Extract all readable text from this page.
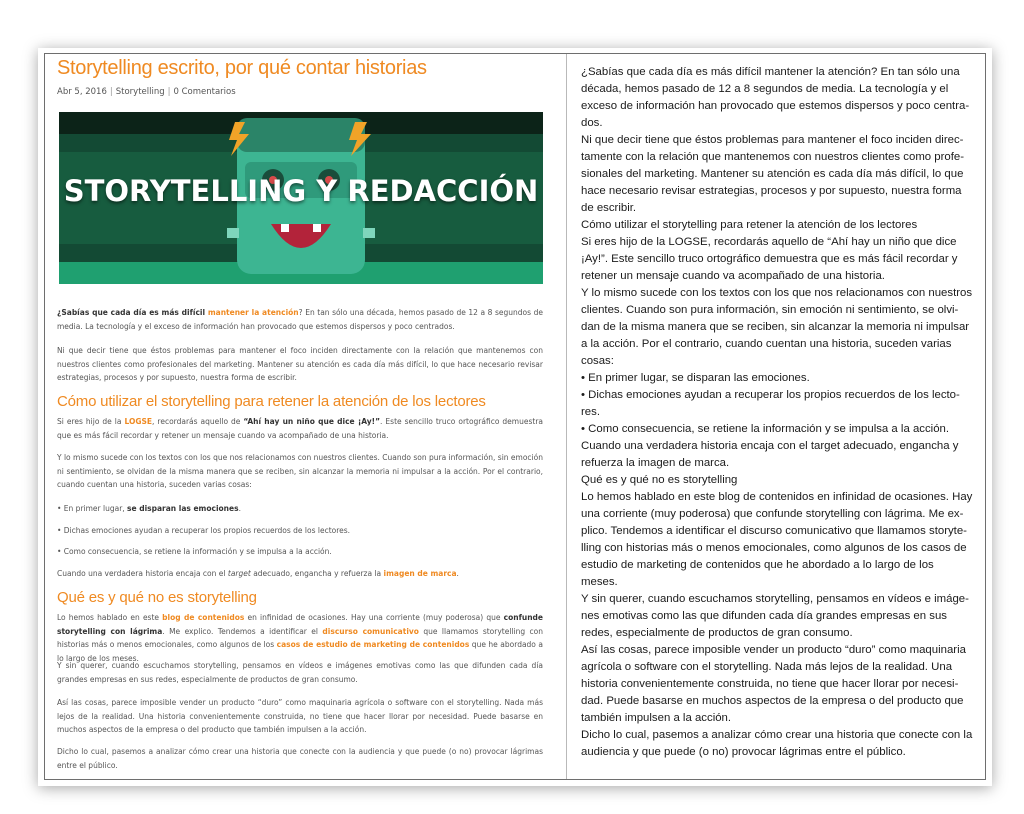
Storytelling escrito, por qué contar historias
Abr 5, 2016 | Storytelling | 0 Comentarios
STORYTELLING Y REDACCIÓN

¿Sabías que cada día es más difícil mantener la atención? En tan sólo una década, hemos pasado de 12 a 8 segundos de media. La tecnología y el exceso de información han provocado que estemos dispersos y poco centrados.

Ni que decir tiene que éstos problemas para mantener el foco inciden directamente con la relación que mantenemos con nuestros clientes como profesionales del marketing. Mantener su atención es cada día más difícil, lo que hace necesario revisar estrategias, procesos y por supuesto, nuestra forma de escribir.

Cómo utilizar el storytelling para retener la atención de los lectores

Si eres hijo de la LOGSE, recordarás aquello de “Ahí hay un niño que dice ¡Ay!”. Este sencillo truco ortográfico demuestra que es más fácil recordar y retener un mensaje cuando va acompañado de una historia.

Y lo mismo sucede con los textos con los que nos relacionamos con nuestros clientes. Cuando son pura información, sin emoción ni sentimiento, se olvidan de la misma manera que se reciben, sin alcanzar la memoria ni impulsar a la acción. Por el contrario, cuando cuentan una historia, suceden varias cosas:

• En primer lugar, se disparan las emociones.

• Dichas emociones ayudan a recuperar los propios recuerdos de los lectores.

• Como consecuencia, se retiene la información y se impulsa a la acción.

Cuando una verdadera historia encaja con el target adecuado, engancha y refuerza la imagen de marca.

Qué es y qué no es storytelling

Lo hemos hablado en este blog de contenidos en infinidad de ocasiones. Hay una corriente (muy poderosa) que confunde storytelling con lágrima. Me explico. Tendemos a identificar el discurso comunicativo que llamamos storytelling con historias más o menos emocionales, como algunos de los casos de estudio de marketing de contenidos que he abordado a lo largo de los meses.

Y sin querer, cuando escuchamos storytelling, pensamos en vídeos e imágenes emotivas como las que difunden cada día grandes empresas en sus redes, especialmente de productos de gran consumo.

Así las cosas, parece imposible vender un producto “duro” como maquinaria agrícola o software con el storytelling. Nada más lejos de la realidad. Una historia convenientemente construida, no tiene que hacer llorar por necesidad. Puede basarse en muchos aspectos de la empresa o del producto que también impulsen a la acción.

Dicho lo cual, pasemos a analizar cómo crear una historia que conecte con la audiencia y que puede (o no) provocar lágrimas entre el público.

¿Sabías que cada día es más difícil mantener la atención? En tan sólo una
década, hemos pasado de 12 a 8 segundos de media. La tecnología y el
exceso de información han provocado que estemos dispersos y poco centra-
dos.
Ni que decir tiene que éstos problemas para mantener el foco inciden direc-
tamente con la relación que mantenemos con nuestros clientes como profe-
sionales del marketing. Mantener su atención es cada día más difícil, lo que
hace necesario revisar estrategias, procesos y por supuesto, nuestra forma
de escribir.
Cómo utilizar el storytelling para retener la atención de los lectores
Si eres hijo de la LOGSE, recordarás aquello de “Ahí hay un niño que dice
¡Ay!”. Este sencillo truco ortográfico demuestra que es más fácil recordar y
retener un mensaje cuando va acompañado de una historia.
Y lo mismo sucede con los textos con los que nos relacionamos con nuestros
clientes. Cuando son pura información, sin emoción ni sentimiento, se olvi-
dan de la misma manera que se reciben, sin alcanzar la memoria ni impulsar
a la acción. Por el contrario, cuando cuentan una historia, suceden varias
cosas:
• En primer lugar, se disparan las emociones.
• Dichas emociones ayudan a recuperar los propios recuerdos de los lecto-
res.
• Como consecuencia, se retiene la información y se impulsa a la acción.
Cuando una verdadera historia encaja con el target adecuado, engancha y
refuerza la imagen de marca.
Qué es y qué no es storytelling
Lo hemos hablado en este blog de contenidos en infinidad de ocasiones. Hay
una corriente (muy poderosa) que confunde storytelling con lágrima. Me ex-
plico. Tendemos a identificar el discurso comunicativo que llamamos storyte-
lling con historias más o menos emocionales, como algunos de los casos de
estudio de marketing de contenidos que he abordado a lo largo de los
meses.
Y sin querer, cuando escuchamos storytelling, pensamos en vídeos e imáge-
nes emotivas como las que difunden cada día grandes empresas en sus
redes, especialmente de productos de gran consumo.
Así las cosas, parece imposible vender un producto “duro” como maquinaria
agrícola o software con el storytelling. Nada más lejos de la realidad. Una
historia convenientemente construida, no tiene que hacer llorar por necesi-
dad. Puede basarse en muchos aspectos de la empresa o del producto que
también impulsen a la acción.
Dicho lo cual, pasemos a analizar cómo crear una historia que conecte con la
audiencia y que puede (o no) provocar lágrimas entre el público.
